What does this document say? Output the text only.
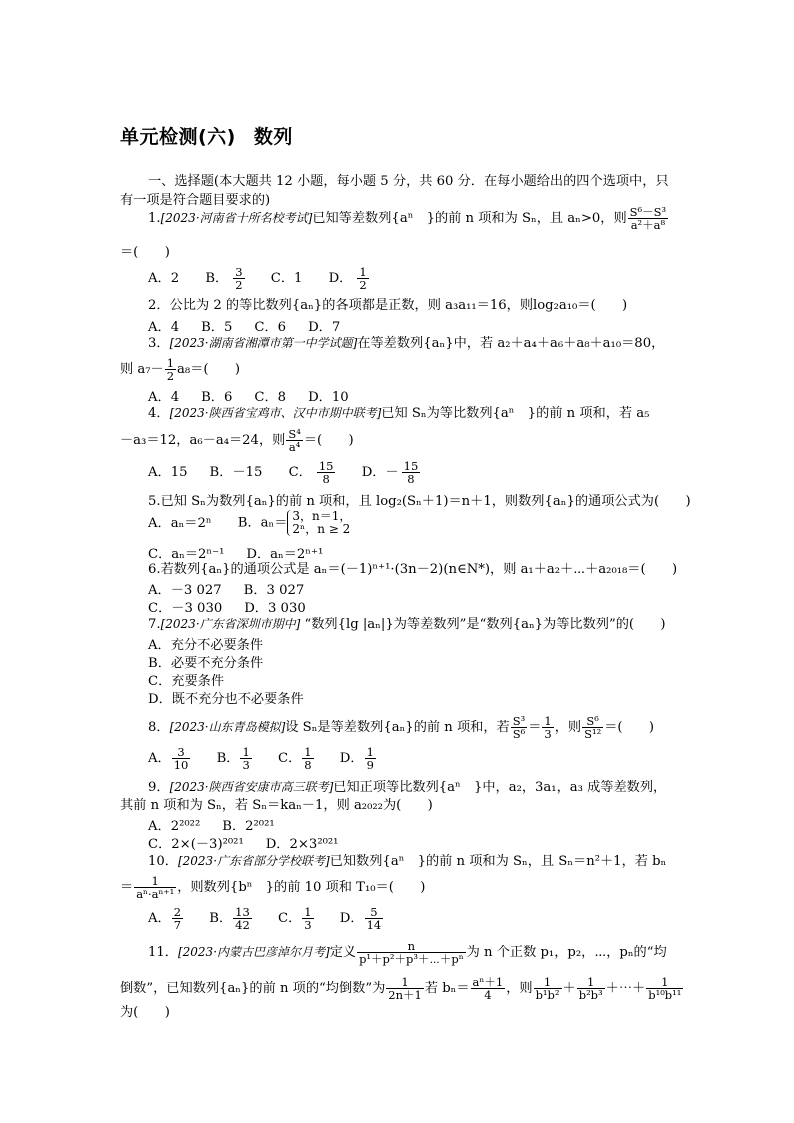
单元检测(六) 数列
一、选择题(本大题共 12 小题，每小题 5 分，共 60 分．在每小题给出的四个选项中，只有一项是符合题目要求的)
1.[2023·河南省十所名校考试]已知等差数列{aⁿ　}的前 n 项和为 Sₙ，且 aₙ>0，则 $\frac{\text{S⁶－S³}}{\text{a²＋a⁸}}$
＝(　　)
A．2 B． $\frac{3}{2}$ C．1 D． $\frac{1}{2}$
2．公比为 2 的等比数列{aₙ}的各项都是正数，则 a₃a₁₁＝16，则log₂a₁₀＝(　　)
A．4 B．5 C．6 D．7
3．[2023·湖南省湘潭市第一中学试题]在等差数列{aₙ}中，若 a₂＋a₄＋a₆＋a₈＋a₁₀＝80，
则 $a_7- \frac{1}{2} a_8=$(　　)
A．4 B．6 C．8 D．10
4．[2023·陕西省宝鸡市、汉中市期中联考]已知 Sₙ为等比数列{aⁿ　}的前 n 项和，若 a₅
－a₃＝12，a₆－a₄＝24，则 $\frac{\text{S⁴}}{\text{a⁴}}$ ＝(　　)
A．15 B．－15 C． $\frac{15}{8}$ D．－ $\frac{15}{8}$
5.已知 Sₙ为数列{aₙ}的前 n 项和，且 log₂(Sₙ＋1)＝n＋1，则数列{aₙ}的通项公式为(　　)
A．aₙ＝2ⁿ B．aₙ＝ 3，n＝1，
2ⁿ，n ≥ 2
C．aₙ＝2ⁿ⁻¹ D．aₙ＝2ⁿ⁺¹
6.若数列{aₙ}的通项公式是 aₙ＝(－1)ⁿ⁺¹·(3n－2)(n∈N*)，则 a₁＋a₂＋⋯＋a₂₀₁₈＝(　　)
A．－3 027 B．3 027
C．－3 030 D．3 030
7.[2023·广东省深圳市期中] “数列{lg |aₙ|}为等差数列”是“数列{aₙ}为等比数列”的(　　)
A．充分不必要条件
B．必要不充分条件
C．充要条件
D．既不充分也不必要条件
8．[2023·山东青岛模拟]设 Sₙ是等差数列{aₙ}的前 n 项和，若 $\frac{\text{S³}}{\text{S⁶}} = \frac{1}{3}$ ，则 $\frac{\text{S⁶}}{\text{S¹²}}$ ＝(　　)
A． $\frac{3}{10}$ B． $\frac{1}{3}$ C． $\frac{1}{8}$ D． $\frac{1}{9}$
9．[2023·陕西省安康市高三联考]已知正项等比数列{aⁿ　}中，a₂，3a₁，a₃ 成等差数列，
其前 n 项和为 Sₙ，若 Sₙ＝kaₙ－1，则 a₂₀₂₂为(　　)
A．2²⁰²² B．2²⁰²¹
C．2×(－3)²⁰²¹ D．2×3²⁰²¹
10．[2023·广东省部分学校联考]已知数列{aⁿ　}的前 n 项和为 Sₙ，且 Sₙ＝n²＋1，若 bₙ
＝ $\frac{1}{\text{aⁿ·aⁿ⁺¹}}$ ，则数列{bⁿ　}的前 10 项和 T₁₀＝(　　)
A． $\frac{2}{7}$ B． $\frac{13}{42}$ C． $\frac{1}{3}$ D． $\frac{5}{14}$
11．[2023·内蒙古巴彦淖尔月考]定义 $\frac{n}{\text{p¹＋p²＋p³＋⋯＋pⁿ}}$ 为 n 个正数 p₁，p₂，⋯，pₙ的“均
倒数”，已知数列{aₙ}的前 n 项的“均倒数”为 $\frac{1}{2n+1}$ 若 $b_n= \frac{\text{aⁿ＋1}}{4}$ ，则 $\frac{1}{\text{b¹b²}} + \frac{1}{\text{b²b³}}$ ＋⋯＋ $\frac{1}{\text{b¹⁰b¹¹}}$
为(　　)
